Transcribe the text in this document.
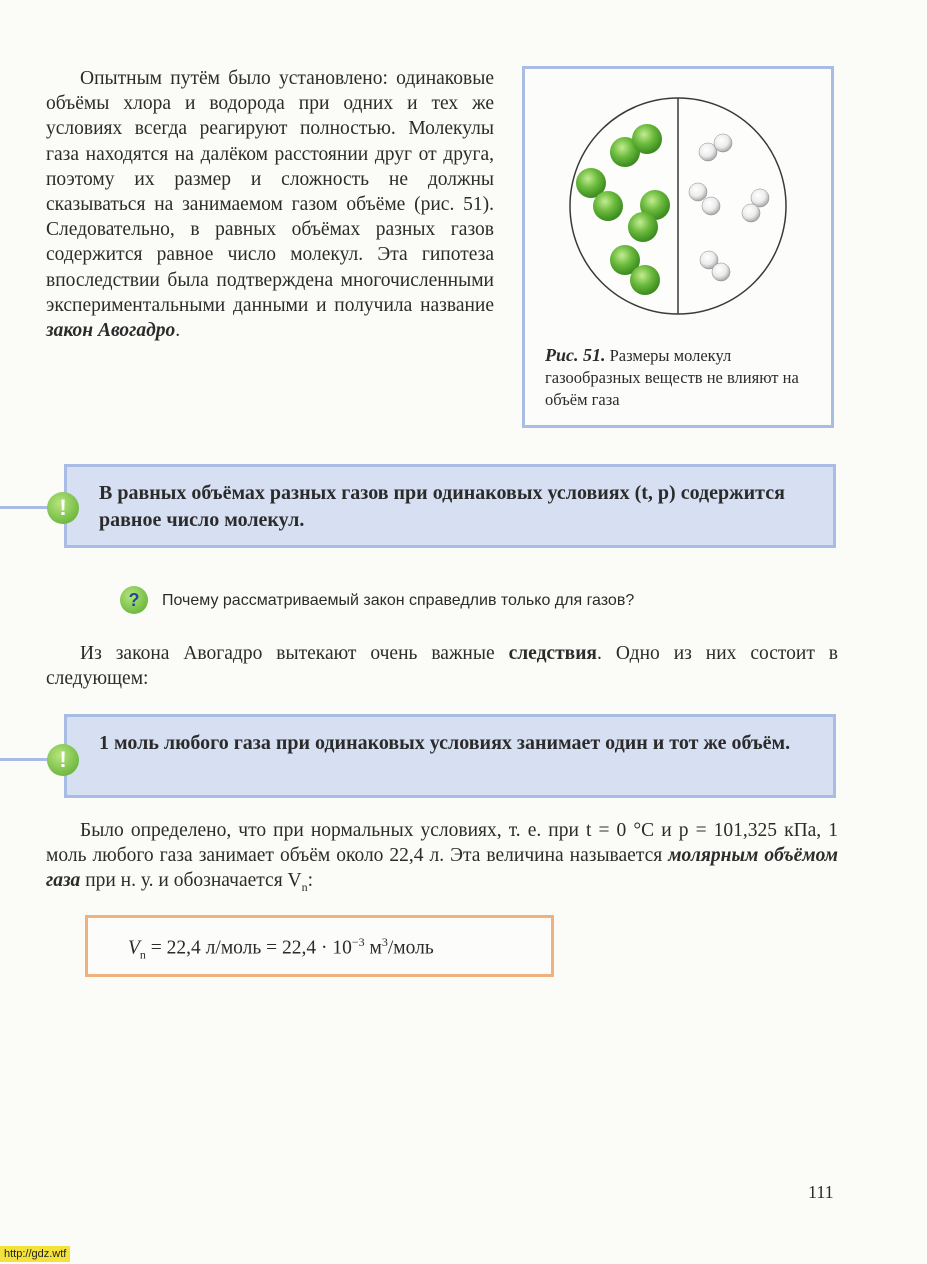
Опытным путём было установлено: одинаковые объёмы хлора и водорода при одних и тех же условиях всегда реагируют полностью. Молекулы газа находятся на далёком расстоянии друг от друга, поэтому их размер и сложность не должны сказываться на занимаемом газом объёме (рис. 51). Следовательно, в равных объёмах разных газов содержится равное число молекул. Эта гипотеза впоследствии была подтверждена многочисленными экспериментальными данными и получила название закон Авогадро.
Рис. 51. Размеры молекул газообразных веществ не влияют на объём газа
В равных объёмах разных газов при одинаковых условиях (t, p) содержится равное число молекул.
!
?	Почему рассматриваемый закон справедлив только для газов?
Из закона Авогадро вытекают очень важные следствия. Одно из них состоит в следующем:
1 моль любого газа при одинаковых условиях занимает один и тот же объём.
!
Было определено, что при нормальных условиях, т. е. при t = 0 °C и p = 101,325 кПа, 1 моль любого газа занимает объём около 22,4 л. Эта величина называется молярным объёмом газа при н. у. и обозначается $V_n$:
$V_n = 22,4$ л/моль = $22,4 \cdot 10^{-3}$ $м^3$/моль
111
http://gdz.wtf
